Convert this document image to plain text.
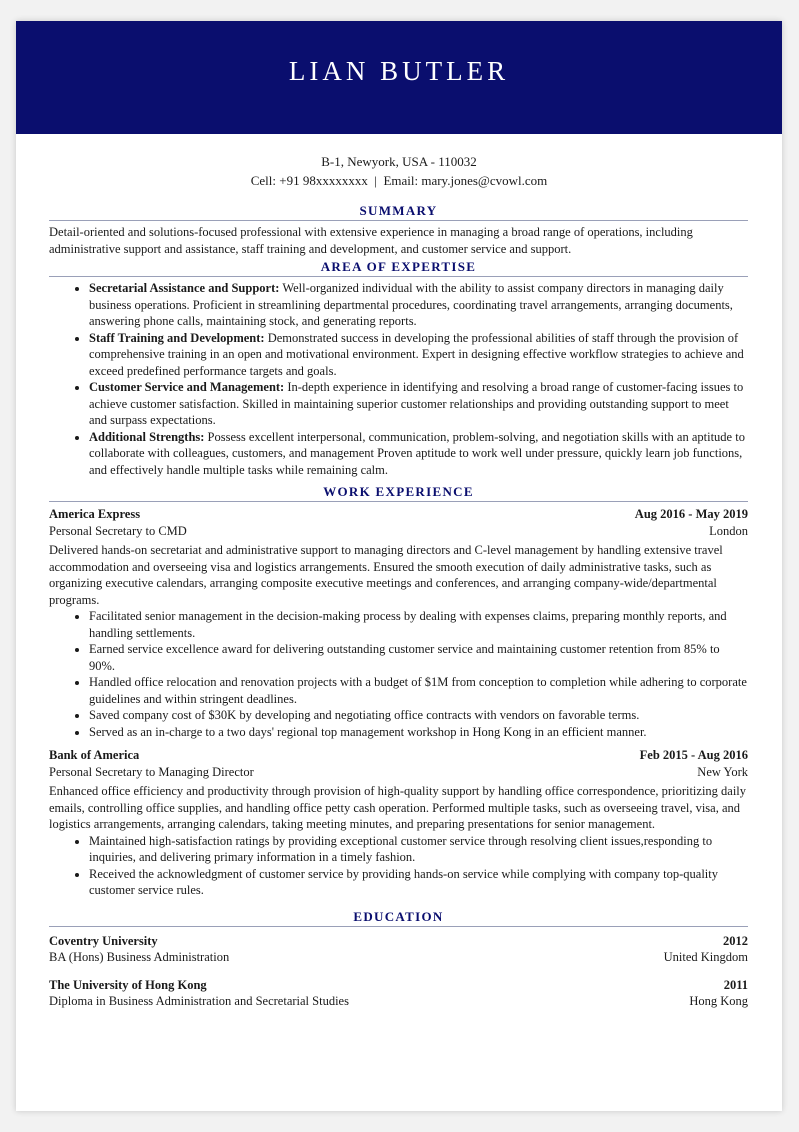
LIAN BUTLER
B-1, Newyork, USA - 110032
Cell: +91 98xxxxxxxx | Email: mary.jones@cvowl.com
SUMMARY
Detail-oriented and solutions-focused professional with extensive experience in managing a broad range of operations, including administrative support and assistance, staff training and development, and customer service and support.
AREA OF EXPERTISE
• Secretarial Assistance and Support: Well-organized individual with the ability to assist company directors in managing daily business operations. Proficient in streamlining departmental procedures, coordinating travel arrangements, arranging documents, answering phone calls, maintaining stock, and generating reports.
• Staff Training and Development: Demonstrated success in developing the professional abilities of staff through the provision of comprehensive training in an open and motivational environment. Expert in designing effective workflow strategies to achieve and exceed predefined performance targets and goals.
• Customer Service and Management: In-depth experience in identifying and resolving a broad range of customer-facing issues to achieve customer satisfaction. Skilled in maintaining superior customer relationships and providing outstanding support to meet and surpass expectations.
• Additional Strengths: Possess excellent interpersonal, communication, problem-solving, and negotiation skills with an aptitude to collaborate with colleagues, customers, and management Proven aptitude to work well under pressure, quickly learn job functions, and effectively handle multiple tasks while remaining calm.
WORK EXPERIENCE
America Express	Aug 2016 - May 2019
Personal Secretary to CMD	London
Delivered hands-on secretariat and administrative support to managing directors and C-level management by handling extensive travel accommodation and overseeing visa and logistics arrangements. Ensured the smooth execution of daily administrative tasks, such as organizing executive calendars, arranging composite executive meetings and conferences, and arranging company-wide/departmental programs.
• Facilitated senior management in the decision-making process by dealing with expenses claims, preparing monthly reports, and handling settlements.
• Earned service excellence award for delivering outstanding customer service and maintaining customer retention from 85% to 90%.
• Handled office relocation and renovation projects with a budget of $1M from conception to completion while adhering to corporate guidelines and within stringent deadlines.
• Saved company cost of $30K by developing and negotiating office contracts with vendors on favorable terms.
• Served as an in-charge to a two days' regional top management workshop in Hong Kong in an efficient manner.
Bank of America	Feb 2015 - Aug 2016
Personal Secretary to Managing Director	New York
Enhanced office efficiency and productivity through provision of high-quality support by handling office correspondence, prioritizing daily emails, controlling office supplies, and handling office petty cash operation. Performed multiple tasks, such as overseeing travel, visa, and logistics arrangements, arranging calendars, taking meeting minutes, and preparing presentations for senior management.
• Maintained high-satisfaction ratings by providing exceptional customer service through resolving client issues,responding to inquiries, and delivering primary information in a timely fashion.
• Received the acknowledgment of customer service by providing hands-on service while complying with company top-quality customer service rules.
EDUCATION
Coventry University	2012
BA (Hons) Business Administration	United Kingdom
The University of Hong Kong	2011
Diploma in Business Administration and Secretarial Studies	Hong Kong
